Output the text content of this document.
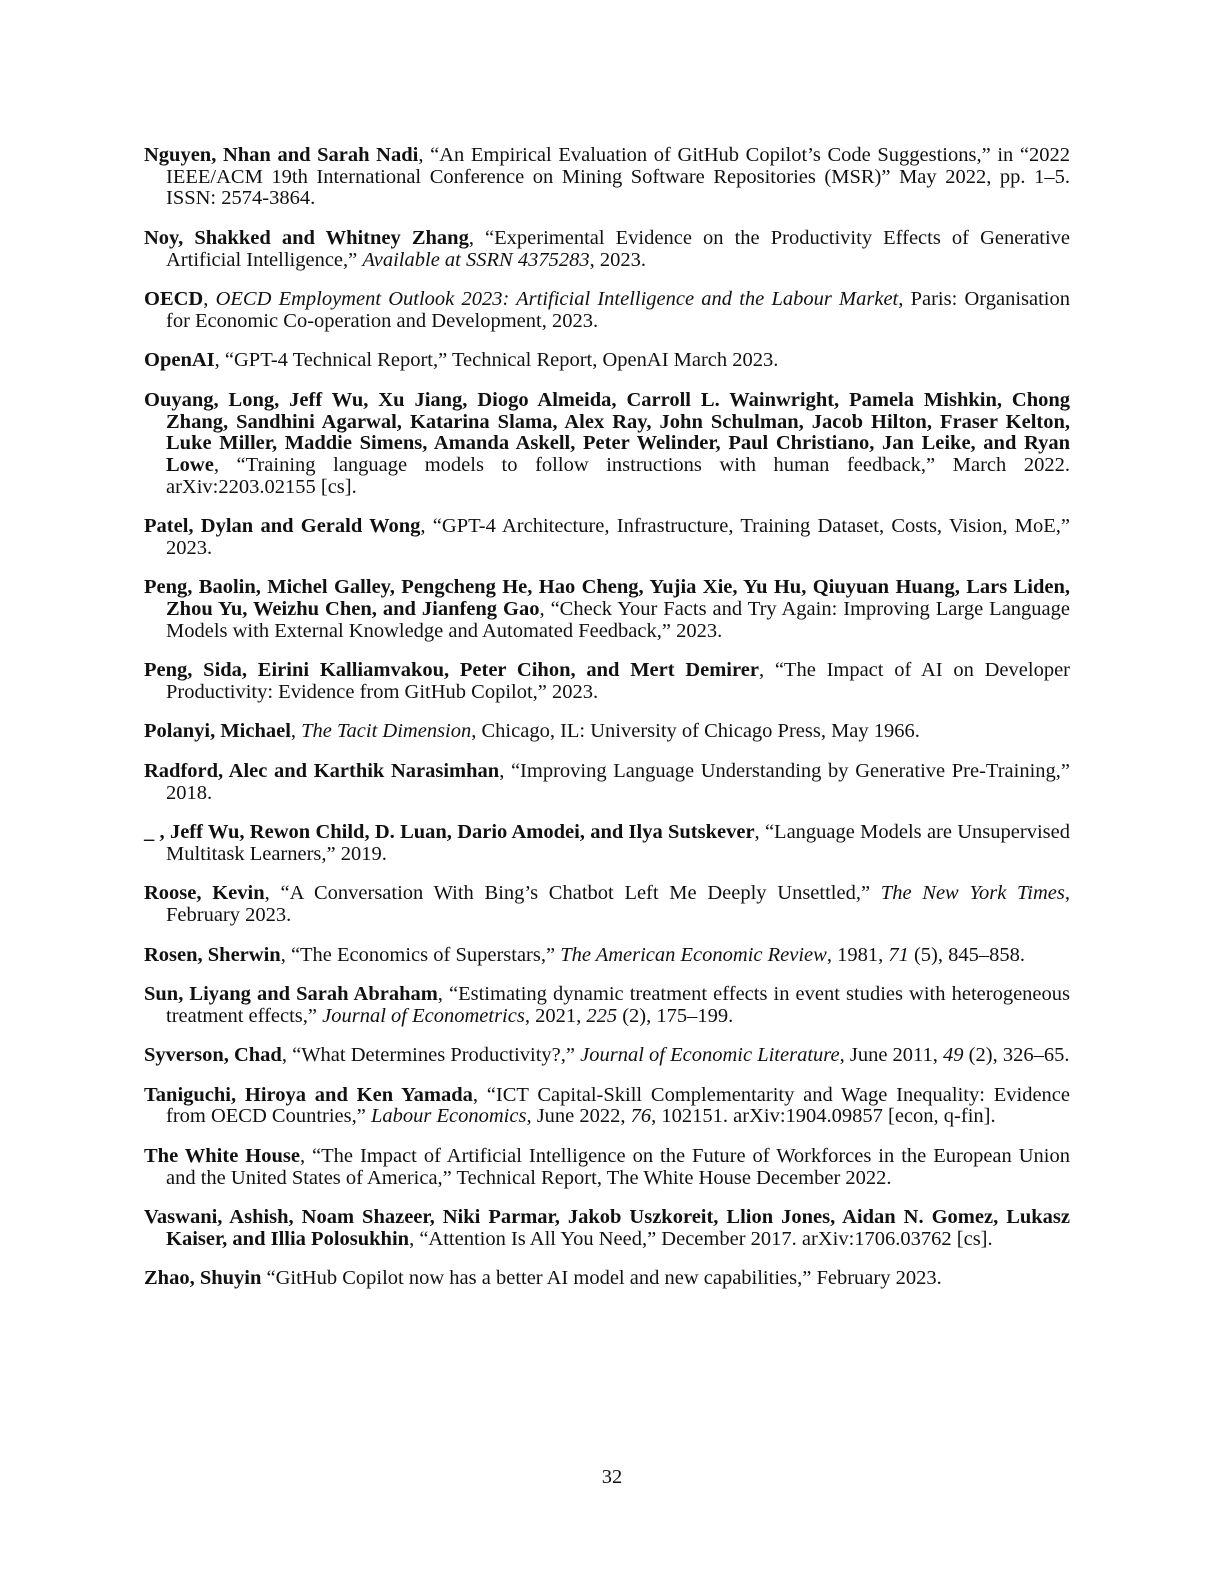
Nguyen, Nhan and Sarah Nadi, “An Empirical Evaluation of GitHub Copilot’s Code Suggestions,” in “2022 IEEE/ACM 19th International Conference on Mining Software Repositories (MSR)” May 2022, pp. 1–5. ISSN: 2574-3864.
Noy, Shakked and Whitney Zhang, “Experimental Evidence on the Productivity Effects of Generative Artificial Intelligence,” Available at SSRN 4375283, 2023.
OECD, OECD Employment Outlook 2023: Artificial Intelligence and the Labour Market, Paris: Organisation for Economic Co-operation and Development, 2023.
OpenAI, “GPT-4 Technical Report,” Technical Report, OpenAI March 2023.
Ouyang, Long, Jeff Wu, Xu Jiang, Diogo Almeida, Carroll L. Wainwright, Pamela Mishkin, Chong Zhang, Sandhini Agarwal, Katarina Slama, Alex Ray, John Schulman, Jacob Hilton, Fraser Kelton, Luke Miller, Maddie Simens, Amanda Askell, Peter Welinder, Paul Christiano, Jan Leike, and Ryan Lowe, “Training language models to follow instructions with human feedback,” March 2022. arXiv:2203.02155 [cs].
Patel, Dylan and Gerald Wong, “GPT-4 Architecture, Infrastructure, Training Dataset, Costs, Vision, MoE,” 2023.
Peng, Baolin, Michel Galley, Pengcheng He, Hao Cheng, Yujia Xie, Yu Hu, Qiuyuan Huang, Lars Liden, Zhou Yu, Weizhu Chen, and Jianfeng Gao, “Check Your Facts and Try Again: Improving Large Language Models with External Knowledge and Automated Feedback,” 2023.
Peng, Sida, Eirini Kalliamvakou, Peter Cihon, and Mert Demirer, “The Impact of AI on Developer Productivity: Evidence from GitHub Copilot,” 2023.
Polanyi, Michael, The Tacit Dimension, Chicago, IL: University of Chicago Press, May 1966.
Radford, Alec and Karthik Narasimhan, “Improving Language Understanding by Generative Pre-Training,” 2018.
_ , Jeff Wu, Rewon Child, D. Luan, Dario Amodei, and Ilya Sutskever, “Language Models are Unsupervised Multitask Learners,” 2019.
Roose, Kevin, “A Conversation With Bing’s Chatbot Left Me Deeply Unsettled,” The New York Times, February 2023.
Rosen, Sherwin, “The Economics of Superstars,” The American Economic Review, 1981, 71 (5), 845–858.
Sun, Liyang and Sarah Abraham, “Estimating dynamic treatment effects in event studies with heterogeneous treatment effects,” Journal of Econometrics, 2021, 225 (2), 175–199.
Syverson, Chad, “What Determines Productivity?,” Journal of Economic Literature, June 2011, 49 (2), 326–65.
Taniguchi, Hiroya and Ken Yamada, “ICT Capital-Skill Complementarity and Wage Inequality: Evidence from OECD Countries,” Labour Economics, June 2022, 76, 102151. arXiv:1904.09857 [econ, q-fin].
The White House, “The Impact of Artificial Intelligence on the Future of Workforces in the European Union and the United States of America,” Technical Report, The White House December 2022.
Vaswani, Ashish, Noam Shazeer, Niki Parmar, Jakob Uszkoreit, Llion Jones, Aidan N. Gomez, Lukasz Kaiser, and Illia Polosukhin, “Attention Is All You Need,” December 2017. arXiv:1706.03762 [cs].
Zhao, Shuyin “GitHub Copilot now has a better AI model and new capabilities,” February 2023.
32
